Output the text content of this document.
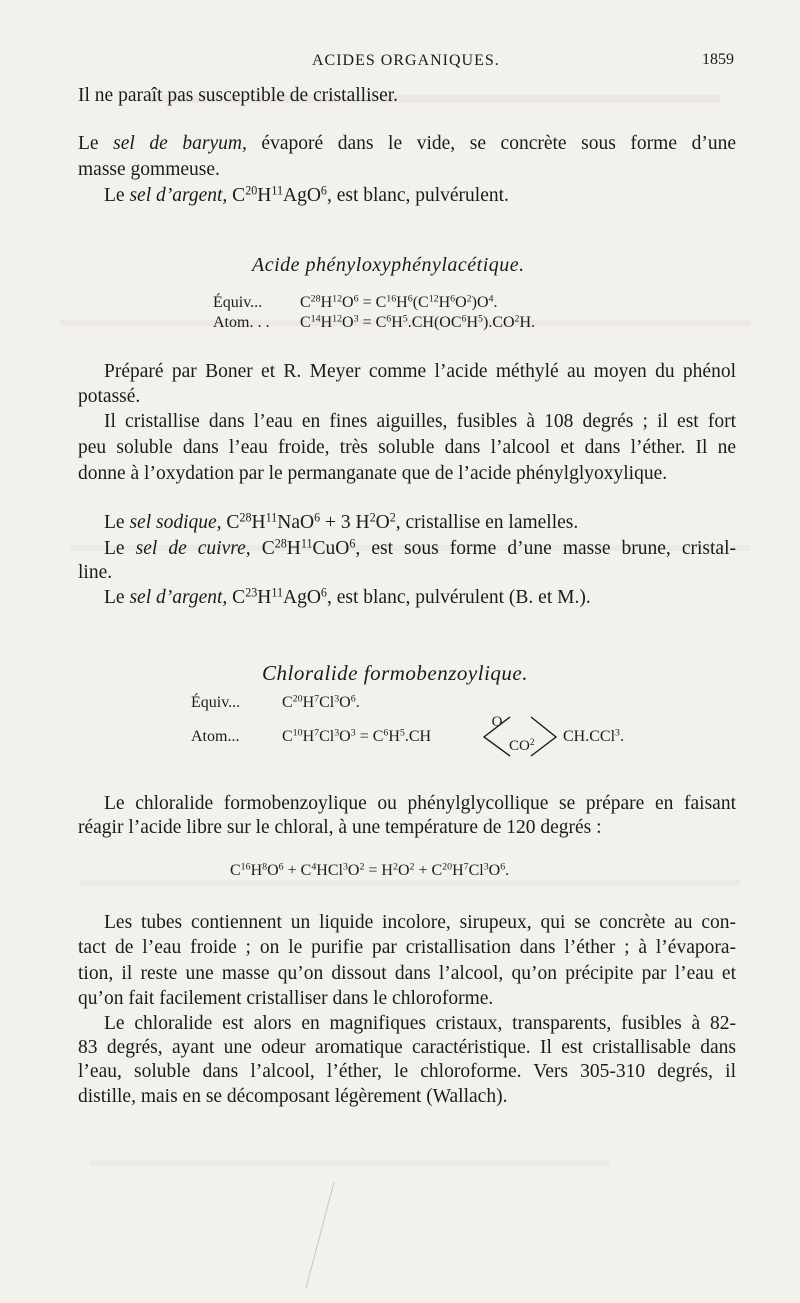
ACIDES ORGANIQUES.	1859
Il ne paraît pas susceptible de cristalliser.
Le sel de baryum, évaporé dans le vide, se concrète sous forme d’une
masse gommeuse.
Le sel d’argent, $C^{20}H^{11}AgO^6$, est blanc, pulvérulent.
Acide phényloxyphénylacétique.
Équiv... $C^{28}H^{12}O^6 = C^{16}H^6(C^{12}H^6O^2)O^4$.
Atom. . . $C^{14}H^{12}O^3 = C^6H^5.CH(OC^6H^5).CO^2H$.
Préparé par Boner et R. Meyer comme l’acide méthylé au moyen du phénol
potassé.
Il cristallise dans l’eau en fines aiguilles, fusibles à 108 degrés ; il est fort
peu soluble dans l’eau froide, très soluble dans l’alcool et dans l’éther. Il ne
donne à l’oxydation par le permanganate que de l’acide phénylglyoxylique.
Le sel sodique, $C^{28}H^{11}NaO^6 + 3$ $H^2O^2$, cristallise en lamelles.
Le sel de cuivre, $C^{28}H^{11}CuO^6$, est sous forme d’une masse brune, cristal-
line.
Le sel d’argent, $C^{23}H^{11}AgO^6$, est blanc, pulvérulent (B. et M.).
Chloralide formobenzoylique.
Équiv...	$C^{20}H^7Cl^3O^6$.
Atom...	$C^{10}H^7Cl^3O^3 = C^6H^5.CH$
O
$CO^2$ CH.CCl$^3$.
Le chloralide formobenzoylique ou phénylglycollique se prépare en faisant
réagir l’acide libre sur le chloral, à une température de 120 degrés :
$C^{16}H^8O^6 + C^4HCl^3O^2 = H^2O^2 + C^{20}H^7Cl^3O^6$.
Les tubes contiennent un liquide incolore, sirupeux, qui se concrète au con-
tact de l’eau froide ; on le purifie par cristallisation dans l’éther ; à l’évapora-
tion, il reste une masse qu’on dissout dans l’alcool, qu’on précipite par l’eau et
qu’on fait facilement cristalliser dans le chloroforme.
Le chloralide est alors en magnifiques cristaux, transparents, fusibles à 82-
83 degrés, ayant une odeur aromatique caractéristique. Il est cristallisable dans
l’eau, soluble dans l’alcool, l’éther, le chloroforme. Vers 305-310 degrés, il
distille, mais en se décomposant légèrement (Wallach).
